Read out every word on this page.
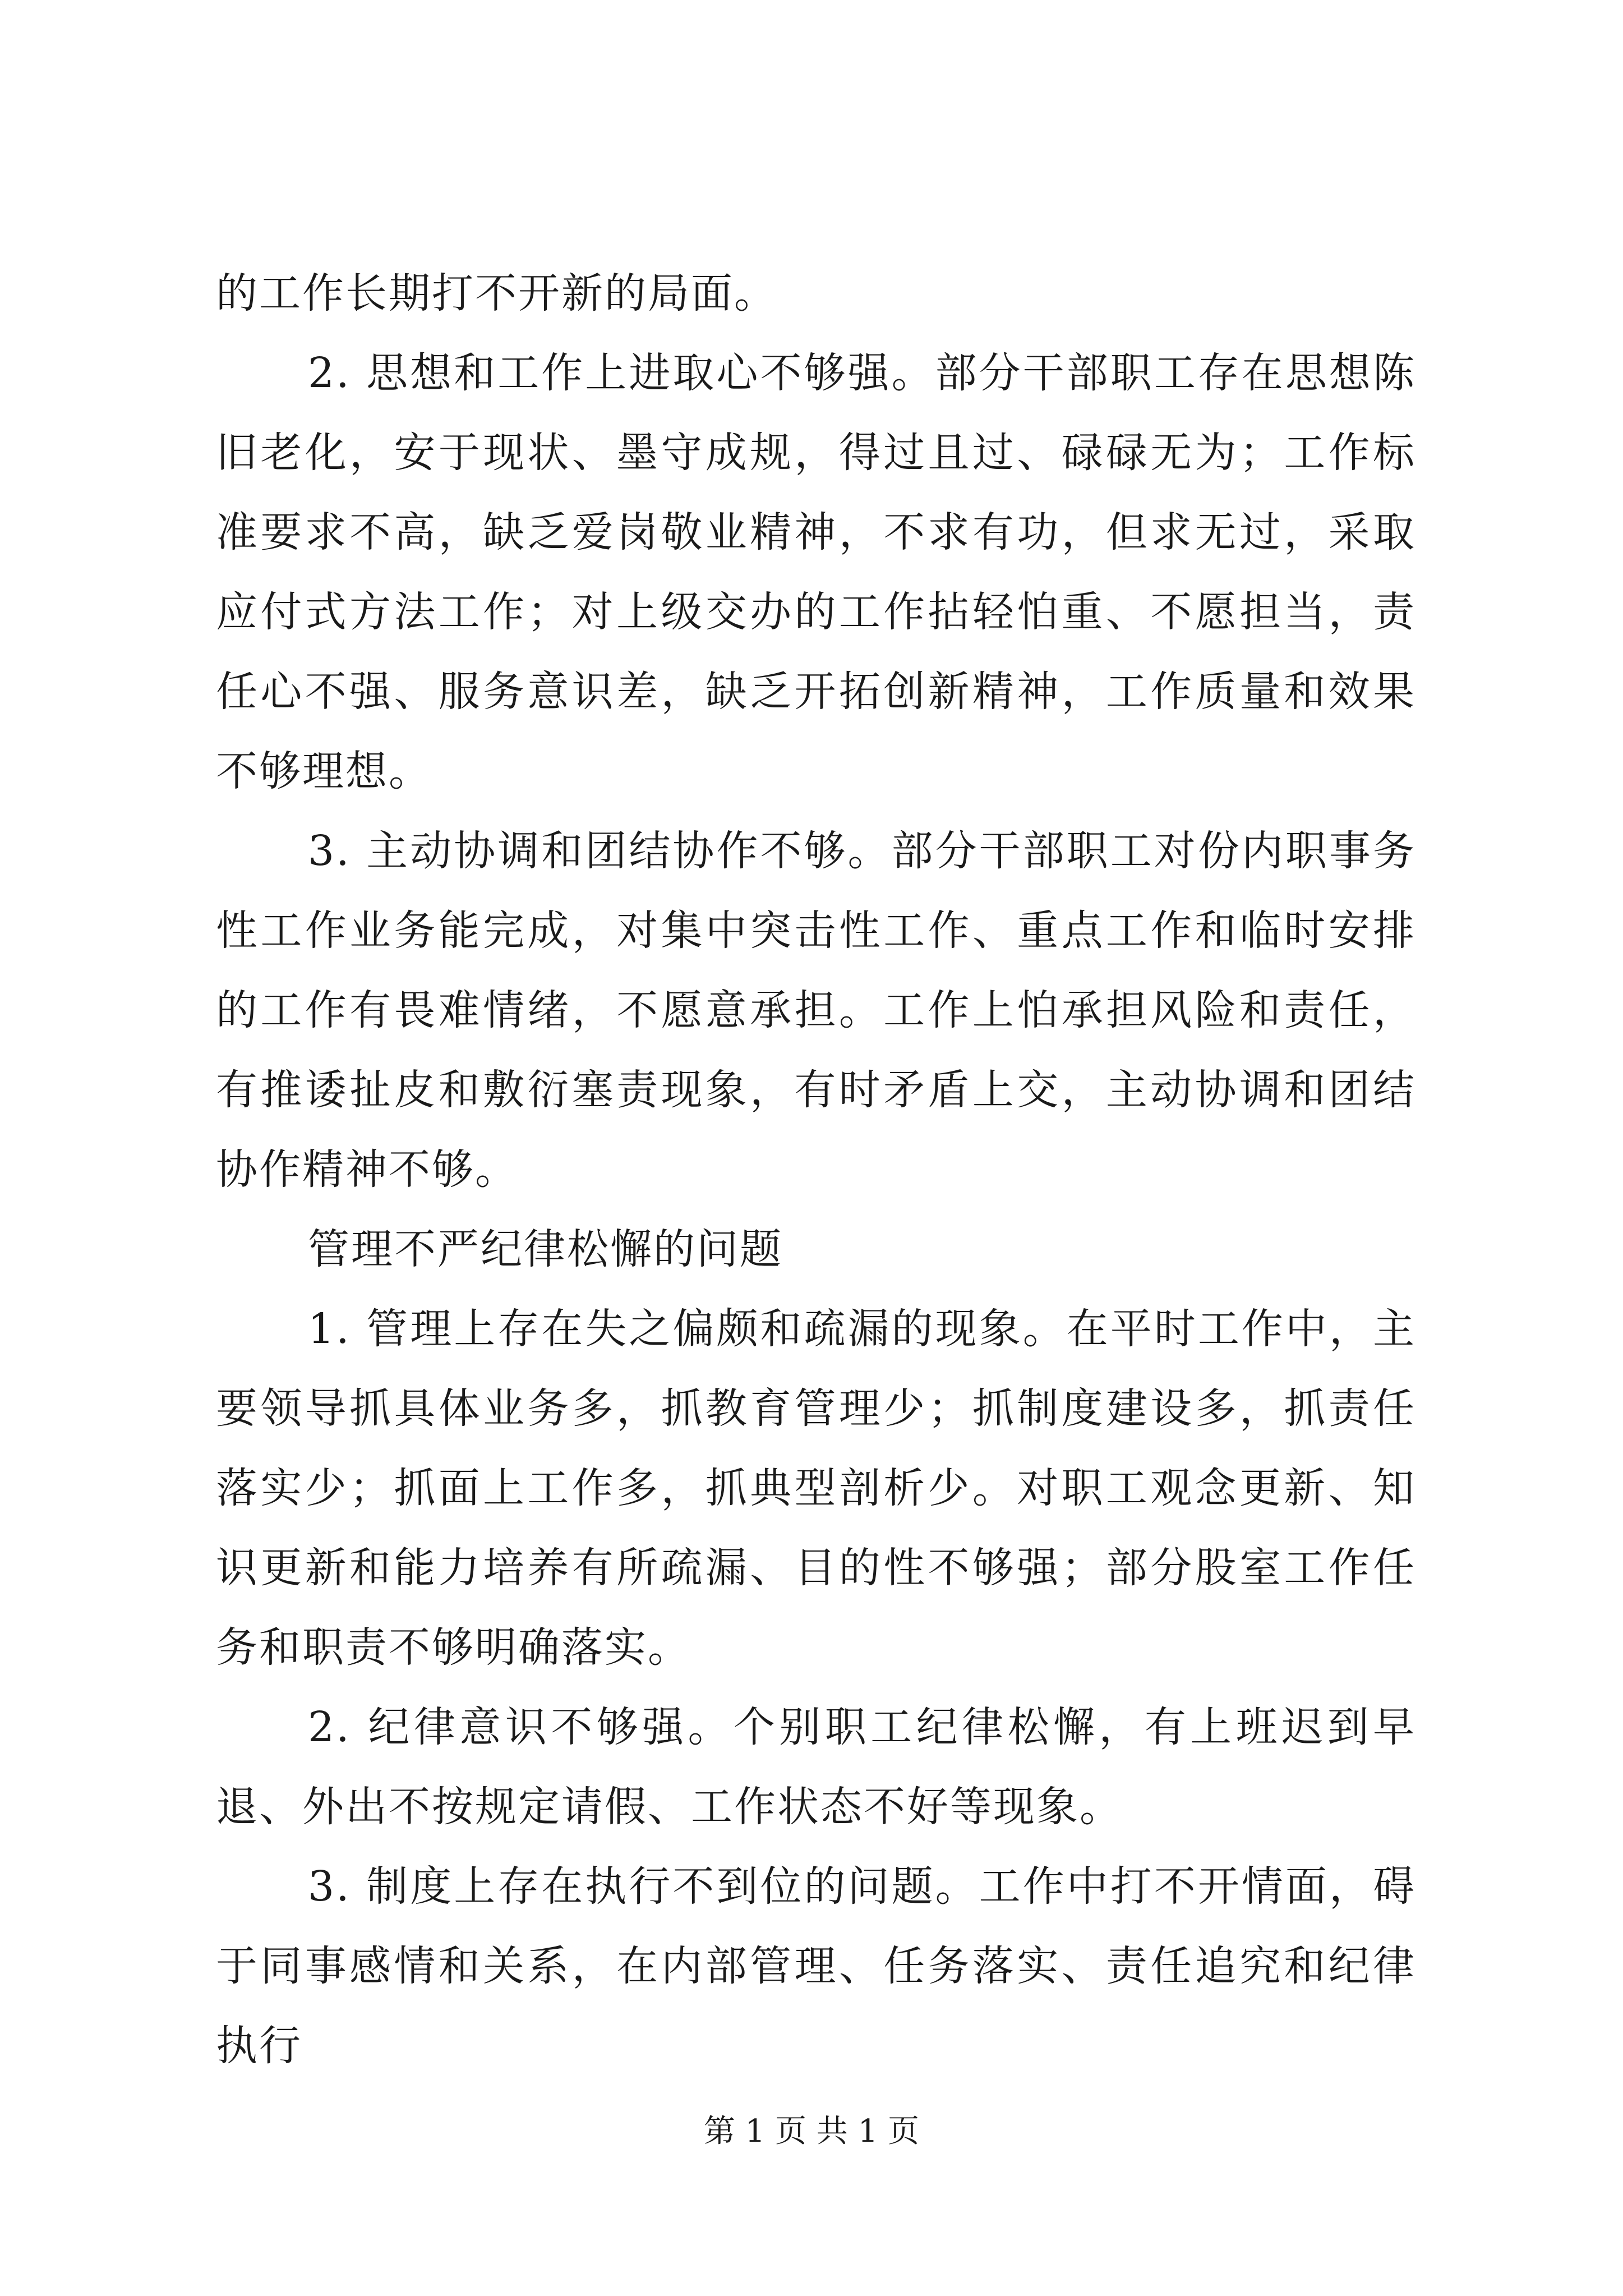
的工作长期打不开新的局面。

2. 思想和工作上进取心不够强。部分干部职工存在思想陈旧老化，安于现状、墨守成规，得过且过、碌碌无为；工作标准要求不高，缺乏爱岗敬业精神，不求有功，但求无过，采取应付式方法工作；对上级交办的工作拈轻怕重、不愿担当，责任心不强、服务意识差，缺乏开拓创新精神，工作质量和效果不够理想。

3. 主动协调和团结协作不够。部分干部职工对份内职事务性工作业务能完成，对集中突击性工作、重点工作和临时安排的工作有畏难情绪，不愿意承担。工作上怕承担风险和责任，有推诿扯皮和敷衍塞责现象，有时矛盾上交，主动协调和团结协作精神不够。

管理不严纪律松懈的问题

1. 管理上存在失之偏颇和疏漏的现象。在平时工作中，主要领导抓具体业务多，抓教育管理少；抓制度建设多，抓责任落实少；抓面上工作多，抓典型剖析少。对职工观念更新、知识更新和能力培养有所疏漏、目的性不够强；部分股室工作任务和职责不够明确落实。

2. 纪律意识不够强。个别职工纪律松懈，有上班迟到早退、外出不按规定请假、工作状态不好等现象。

3. 制度上存在执行不到位的问题。工作中打不开情面，碍于同事感情和关系，在内部管理、任务落实、责任追究和纪律执行

第 1 页 共 1 页
